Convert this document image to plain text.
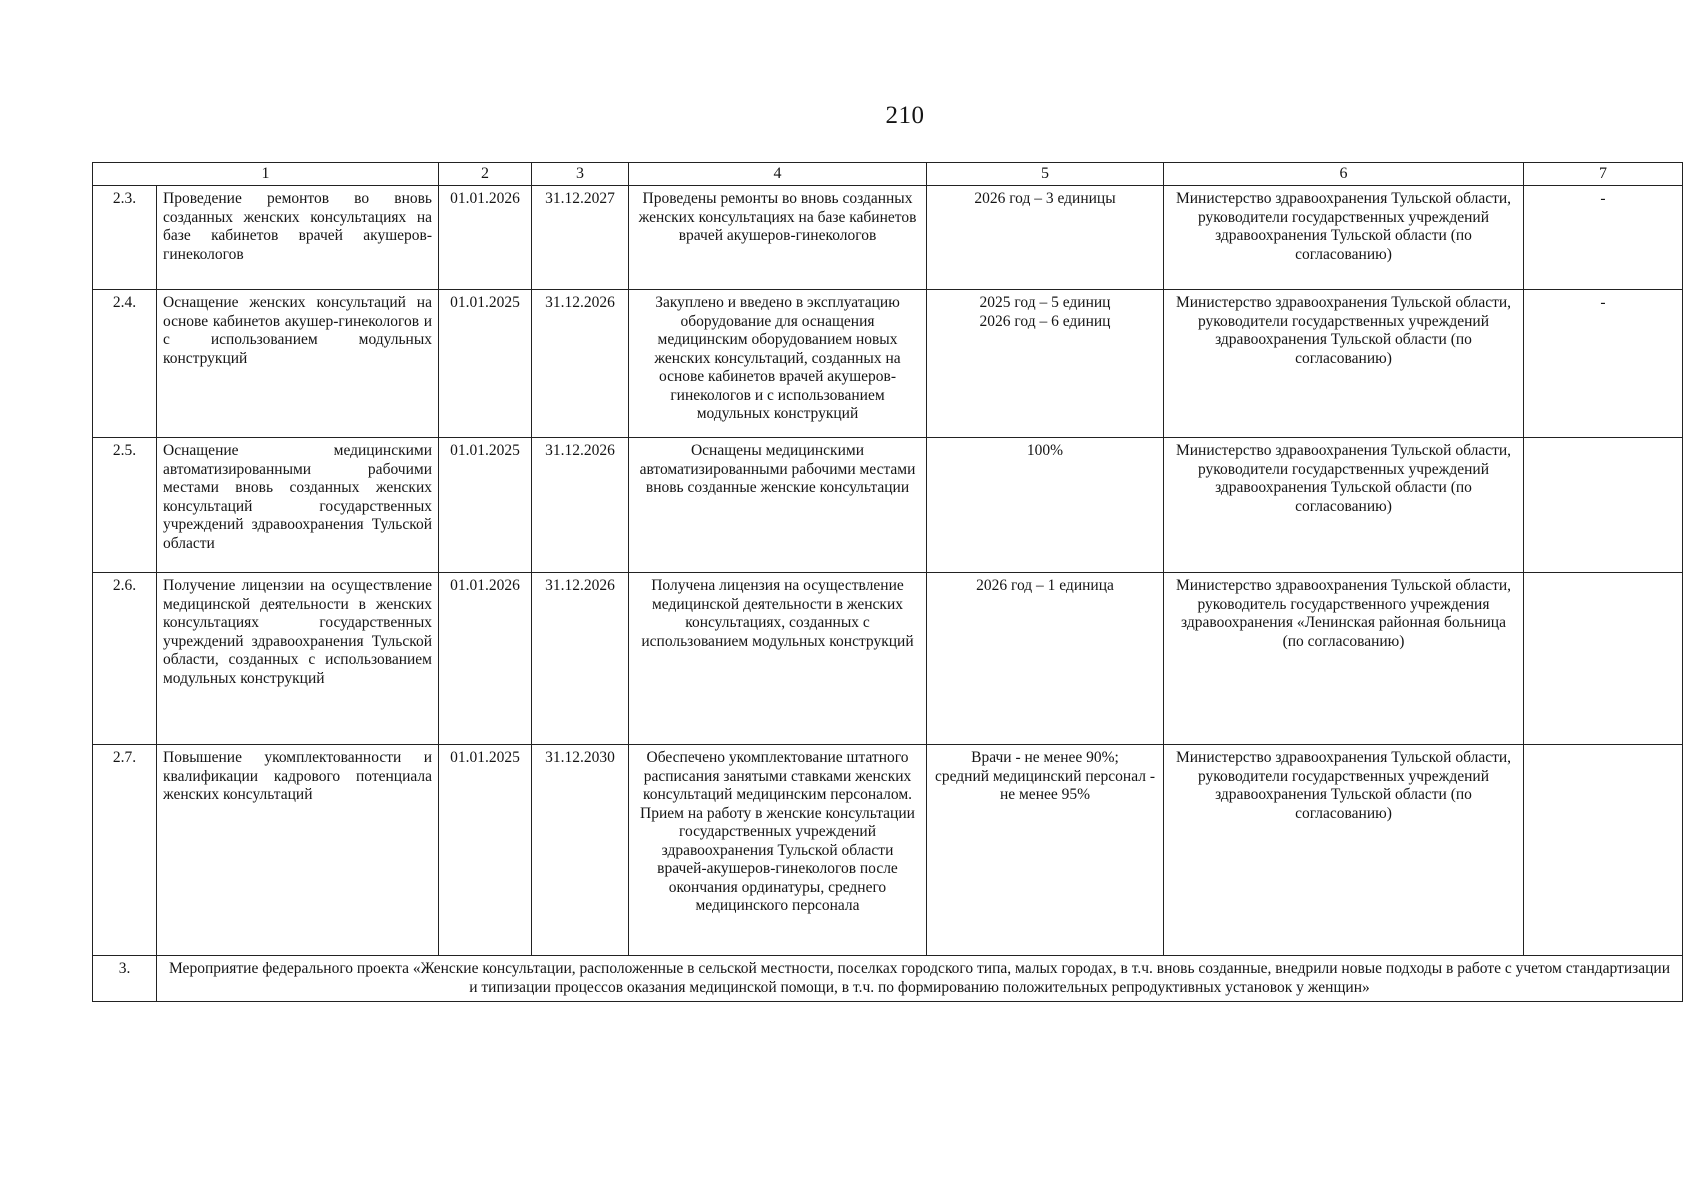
210
1		2	3	4	5	6	7
2.3.	Проведение ремонтов во вновь созданных женских консультациях на базе кабинетов врачей акушеров-гинекологов	01.01.2026	31.12.2027	Проведены ремонты во вновь созданных женских консультациях на базе кабинетов врачей акушеров-гинекологов	2026 год – 3 единицы	Министерство здравоохранения Тульской области, руководители государственных учреждений здравоохранения Тульской области (по согласованию)	-
2.4.	Оснащение женских консультаций на основе кабинетов акушер-гинекологов и с использованием модульных конструкций	01.01.2025	31.12.2026	Закуплено и введено в эксплуатацию оборудование для оснащения медицинским оборудованием новых женских консультаций, созданных на основе кабинетов врачей акушеров-гинекологов и с использованием модульных конструкций	2025 год – 5 единиц
2026 год – 6 единиц	Министерство здравоохранения Тульской области, руководители государственных учреждений здравоохранения Тульской области (по согласованию)	-
2.5.	Оснащение медицинскими автоматизированными рабочими местами вновь созданных женских консультаций государственных учреждений здравоохранения Тульской области	01.01.2025	31.12.2026	Оснащены медицинскими автоматизированными рабочими местами вновь созданные женские консультации	100%	Министерство здравоохранения Тульской области, руководители государственных учреждений здравоохранения Тульской области (по согласованию)	
2.6.	Получение лицензии на осуществление медицинской деятельности в женских консультациях государственных учреждений здравоохранения Тульской области, созданных с использованием модульных конструкций	01.01.2026	31.12.2026	Получена лицензия на осуществление медицинской деятельности в женских консультациях, созданных с использованием модульных конструкций	2026 год – 1 единица	Министерство здравоохранения Тульской области, руководитель государственного учреждения здравоохранения «Ленинская районная больница (по согласованию)	
2.7.	Повышение укомплектованности и квалификации кадрового потенциала женских консультаций	01.01.2025	31.12.2030	Обеспечено укомплектование штатного расписания занятыми ставками женских консультаций медицинским персоналом. Прием на работу в женские консультации государственных учреждений здравоохранения Тульской области врачей-акушеров-гинекологов после окончания ординатуры, среднего медицинского персонала	Врачи - не менее 90%;
средний медицинский персонал - не менее 95%	Министерство здравоохранения Тульской области, руководители государственных учреждений здравоохранения Тульской области (по согласованию)	
3.	Мероприятие федерального проекта «Женские консультации, расположенные в сельской местности, поселках городского типа, малых городах, в т.ч. вновь созданные, внедрили новые подходы в работе с учетом стандартизации и типизации процессов оказания медицинской помощи, в т.ч. по формированию положительных репродуктивных установок у женщин»						
